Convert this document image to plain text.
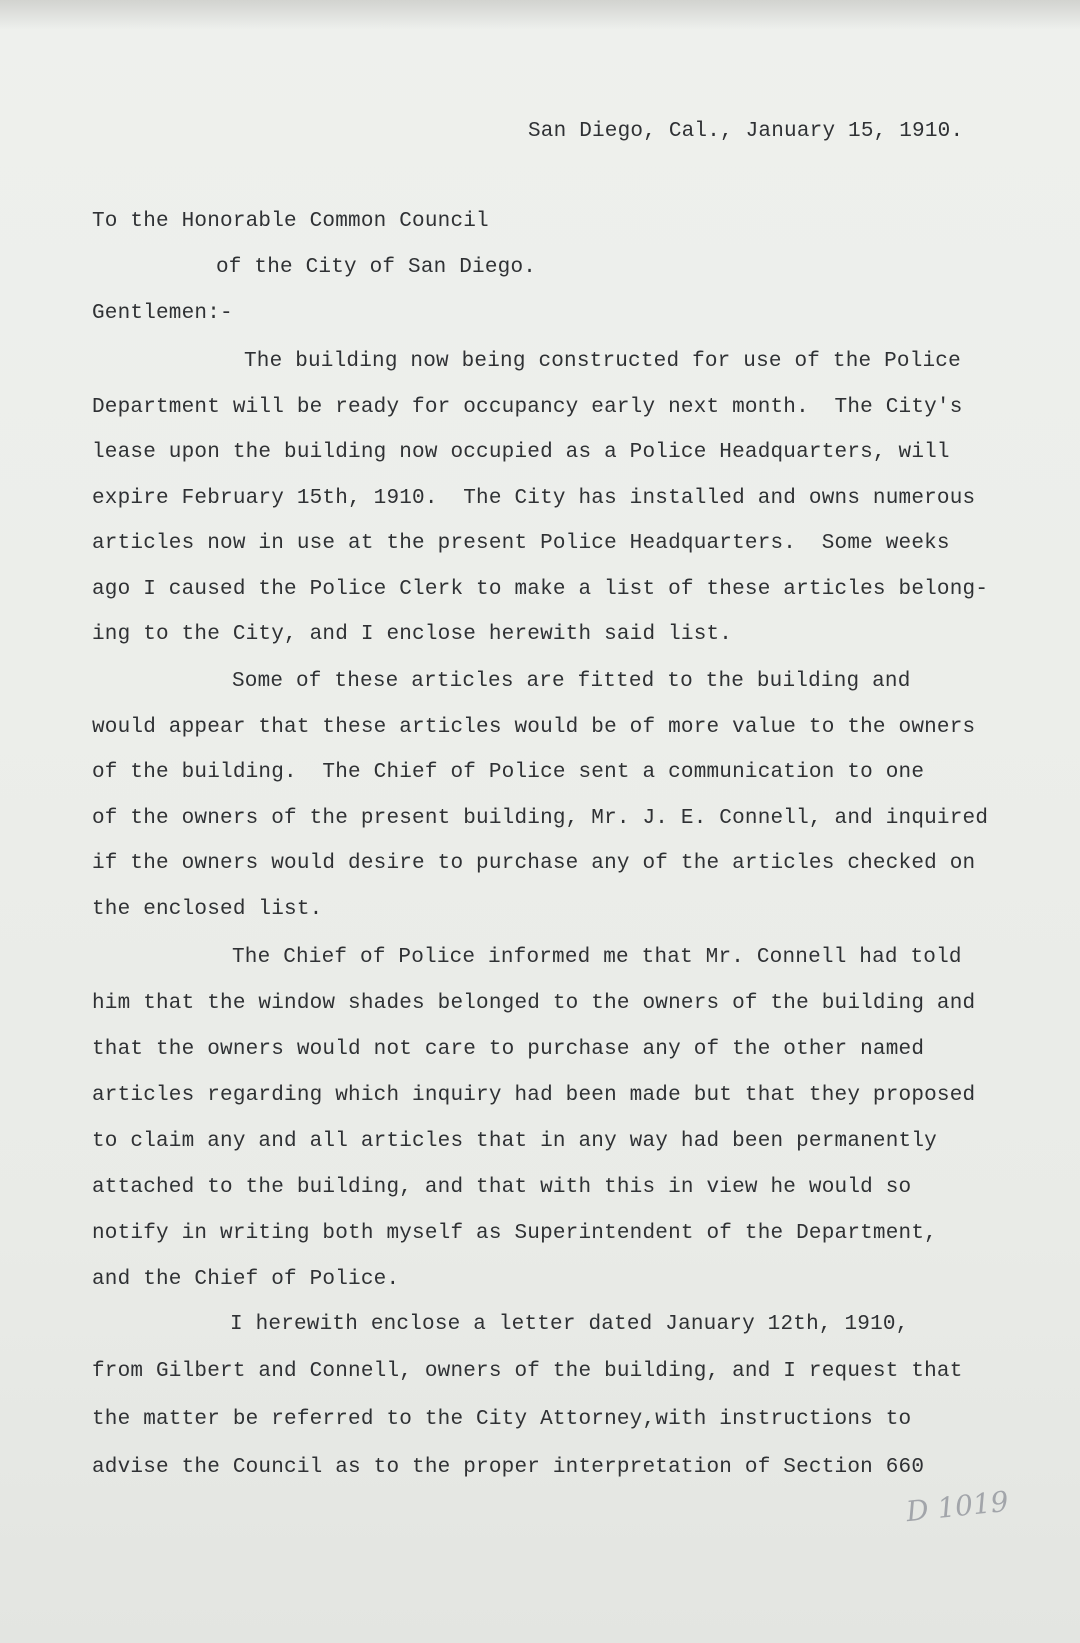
San Diego, Cal., January 15, 1910.
To the Honorable Common Council
of the City of San Diego.
Gentlemen:-
The building now being constructed for use of the Police
Department will be ready for occupancy early next month.  The City's
lease upon the building now occupied as a Police Headquarters, will
expire February 15th, 1910.  The City has installed and owns numerous
articles now in use at the present Police Headquarters.  Some weeks
ago I caused the Police Clerk to make a list of these articles belong-
ing to the City, and I enclose herewith said list.
Some of these articles are fitted to the building and
would appear that these articles would be of more value to the owners
of the building.  The Chief of Police sent a communication to one
of the owners of the present building, Mr. J. E. Connell, and inquired
if the owners would desire to purchase any of the articles checked on
the enclosed list.
The Chief of Police informed me that Mr. Connell had told
him that the window shades belonged to the owners of the building and
that the owners would not care to purchase any of the other named
articles regarding which inquiry had been made but that they proposed
to claim any and all articles that in any way had been permanently
attached to the building, and that with this in view he would so
notify in writing both myself as Superintendent of the Department,
and the Chief of Police.
I herewith enclose a letter dated January 12th, 1910,
from Gilbert and Connell, owners of the building, and I request that
the matter be referred to the City Attorney,with instructions to
advise the Council as to the proper interpretation of Section 660
D 1019
